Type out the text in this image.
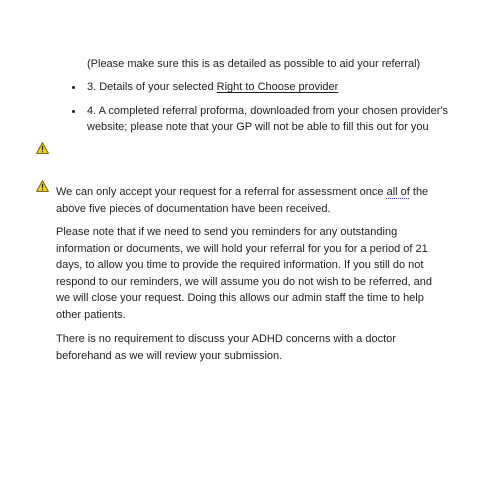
(Please make sure this is as detailed as possible to aid your referral)
3. Details of your selected Right to Choose provider
4. A completed referral proforma, downloaded from your chosen provider's website; please note that your GP will not be able to fill this out for you

We can only accept your request for a referral for assessment once all of the above five pieces of documentation have been received.

Please note that if we need to send you reminders for any outstanding information or documents, we will hold your referral for you for a period of 21 days, to allow you time to provide the required information. If you still do not respond to our reminders, we will assume you do not wish to be referred, and we will close your request. Doing this allows our admin staff the time to help other patients.

There is no requirement to discuss your ADHD concerns with a doctor beforehand as we will review your submission.
